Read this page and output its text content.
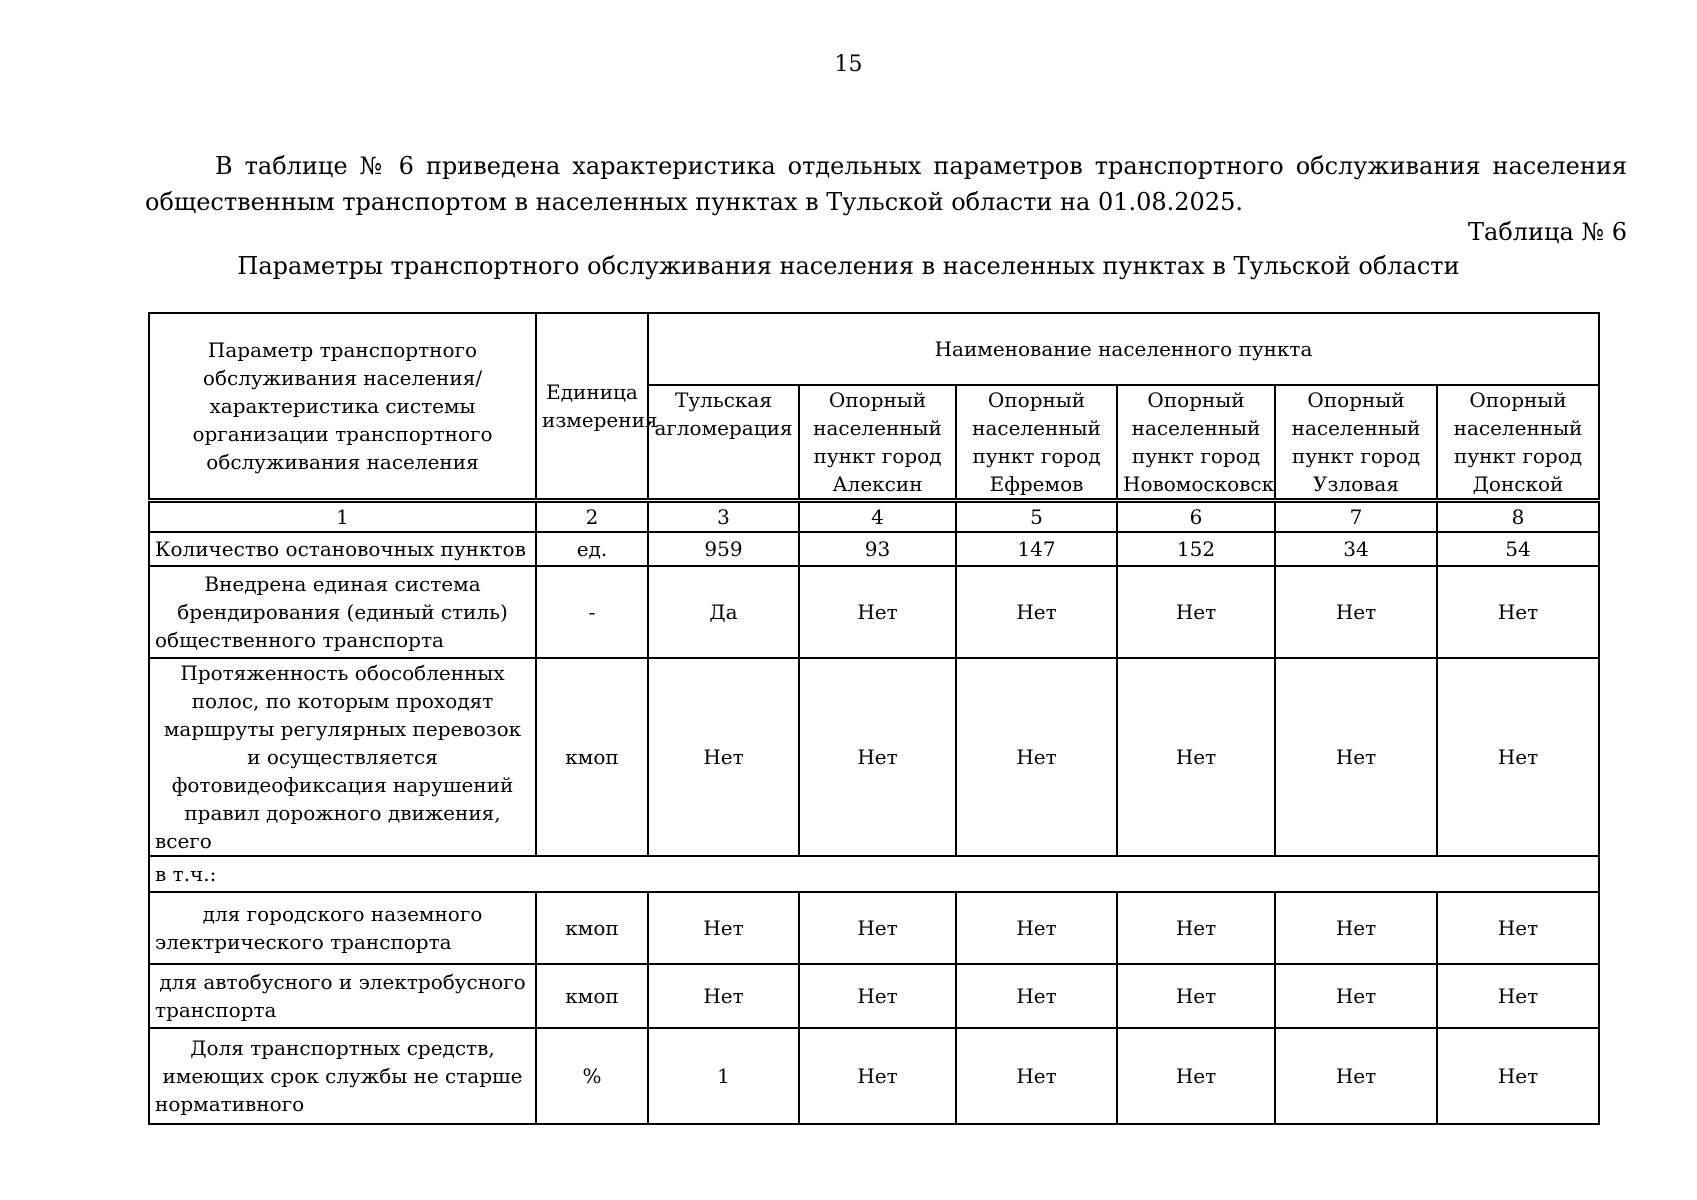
15

В таблице № 6 приведена характеристика отдельных параметров транспортного обслуживания населения общественным транспортом в населенных пунктах в Тульской области на 01.08.2025.

Таблица № 6
Параметры транспортного обслуживания населения в населенных пунктах в Тульской области
Параметр транспортного обслуживания населения/ характеристика системы организации транспортного обслуживания населения	Единица измерения	Наименование населенного пункта					
		Тульская агломерация	Опорный населенный пункт город Алексин	Опорный населенный пункт город Ефремов	Опорный населенный пункт город Новомосковск	Опорный населенный пункт город Узловая	Опорный населенный пункт город Донской
1	2	3	4	5	6	7	8
Количество остановочных пунктов	ед.	959	93	147	152	34	54
Внедрена единая система брендирования (единый стиль) общественного транспорта	-	Да	Нет	Нет	Нет	Нет	Нет
Протяженность обособленных полос, по которым проходят маршруты регулярных перевозок и осуществляется фотовидеофиксация нарушений правил дорожного движения, всего	кмоп	Нет	Нет	Нет	Нет	Нет	Нет
в т.ч.:							
для городского наземного электрического транспорта	кмоп	Нет	Нет	Нет	Нет	Нет	Нет
для автобусного и электробусного транспорта	кмоп	Нет	Нет	Нет	Нет	Нет	Нет
Доля транспортных средств, имеющих срок службы не старше нормативного	%	1	Нет	Нет	Нет	Нет	Нет
